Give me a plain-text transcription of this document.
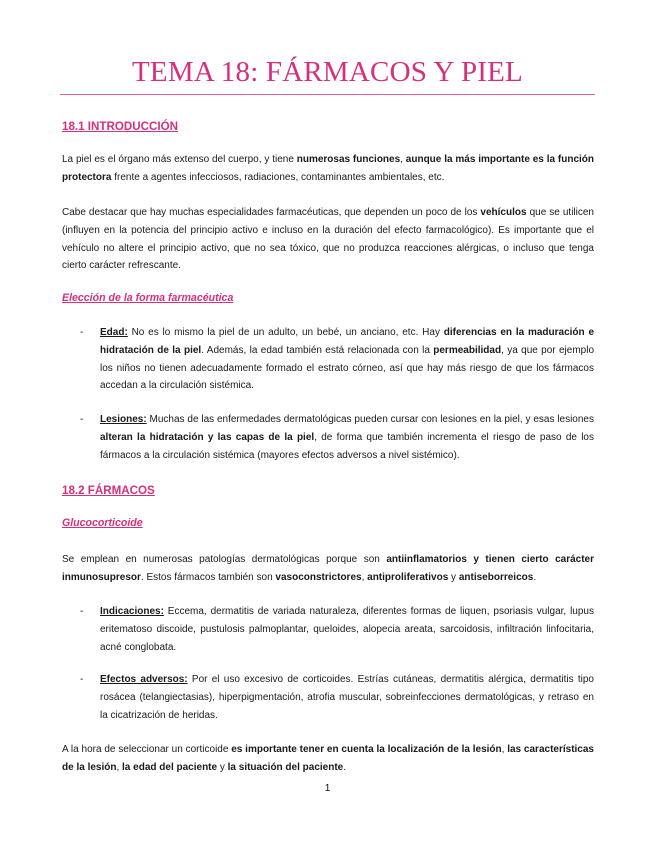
TEMA 18: FÁRMACOS Y PIEL
18.1 INTRODUCCIÓN

La piel es el órgano más extenso del cuerpo, y tiene numerosas funciones, aunque la más importante es la función protectora frente a agentes infecciosos, radiaciones, contaminantes ambientales, etc.

Cabe destacar que hay muchas especialidades farmacéuticas, que dependen un poco de los vehículos que se utilicen (influyen en la potencia del principio activo e incluso en la duración del efecto farmacológico). Es importante que el vehículo no altere el principio activo, que no sea tóxico, que no produzca reacciones alérgicas, o incluso que tenga cierto carácter refrescante.

Elección de la forma farmacéutica
- Edad: No es lo mismo la piel de un adulto, un bebé, un anciano, etc. Hay diferencias en la maduración e hidratación de la piel. Además, la edad también está relacionada con la permeabilidad, ya que por ejemplo los niños no tienen adecuadamente formado el estrato córneo, así que hay más riesgo de que los fármacos accedan a la circulación sistémica.

- Lesiones: Muchas de las enfermedades dermatológicas pueden cursar con lesiones en la piel, y esas lesiones alteran la hidratación y las capas de la piel, de forma que también incrementa el riesgo de paso de los fármacos a la circulación sistémica (mayores efectos adversos a nivel sistémico).

18.2 FÁRMACOS
Glucocorticoide

Se emplean en numerosas patologías dermatológicas porque son antiinflamatorios y tienen cierto carácter inmunosupresor. Estos fármacos también son vasoconstrictores, antiproliferativos y antiseborreicos.

- Indicaciones: Eccema, dermatitis de variada naturaleza, diferentes formas de liquen, psoriasis vulgar, lupus eritematoso discoide, pustulosis palmoplantar, queloides, alopecia areata, sarcoidosis, infiltración linfocitaria, acné conglobata.

- Efectos adversos: Por el uso excesivo de corticoides. Estrías cutáneas, dermatitis alérgica, dermatitis tipo rosácea (telangiectasias), hiperpigmentación, atrofia muscular, sobreinfecciones dermatológicas, y retraso en la cicatrización de heridas.

A la hora de seleccionar un corticoide es importante tener en cuenta la localización de la lesión, las características de la lesión, la edad del paciente y la situación del paciente.

1
